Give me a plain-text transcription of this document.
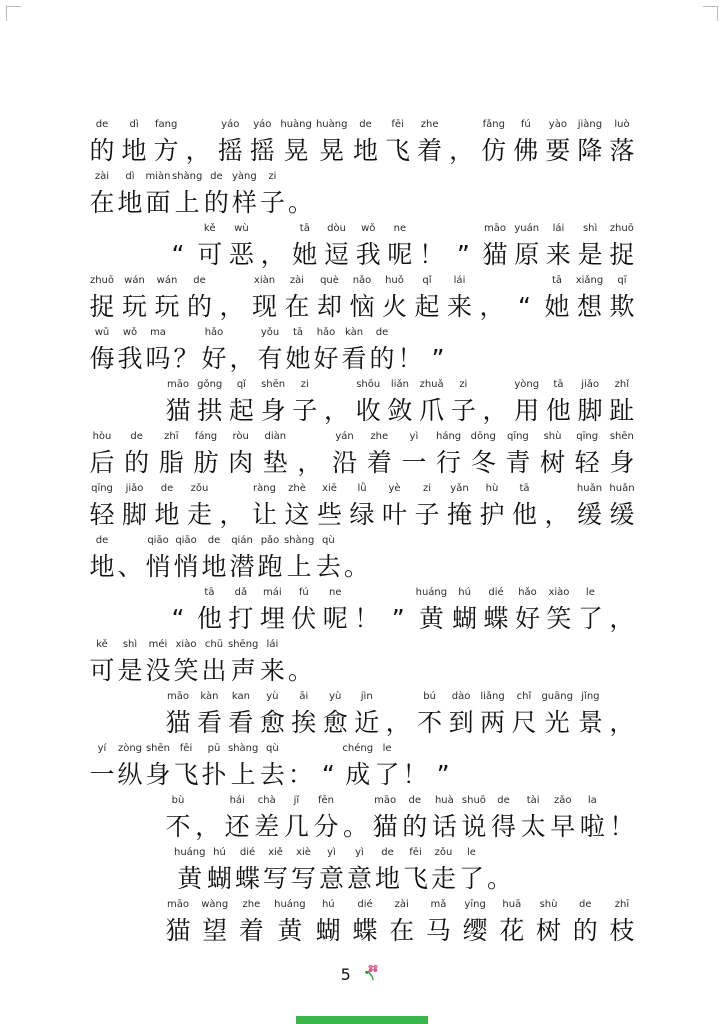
de
的
dì
地
fang
方 ，
yáo
摇
yáo
摇
huàng
晃
huàng
晃
de
地
fēi
飞
zhe
着 ，
fǎng
仿
fú
佛
yào
要
jiàng
降
luò
落
zài
在
dì
地
miàn
面
shàng
上
de
的
yàng
样
zi
子 。
“
kě
可
wù
恶 ，
tā
她
dòu
逗
wǒ
我
ne
呢 ！ ”
māo
猫
yuán
原
lái
来
shì
是
zhuō
捉
zhuō
捉
wán
玩
wán
玩
de
的 ，
xiàn
现
zài
在
què
却
nǎo
恼
huǒ
火
qǐ
起
lái
来 ， “
tā
她
xiǎng
想
qī
欺
wǔ
侮
wǒ
我
ma
吗 ？
hǎo
好 ，
yǒu
有
tā
她
hǎo
好
kàn
看
de
的 ！ ”
māo
猫
gǒng
拱
qǐ
起
shēn
身
zi
子 ，
shōu
收
liǎn
敛
zhuǎ
爪
zi
子 ，
yòng
用
tā
他
jiǎo
脚
zhǐ
趾
hòu
后
de
的
zhī
脂
fáng
肪
ròu
肉
diàn
垫 ，
yán
沿
zhe
着
yì
一
háng
行
dōng
冬
qīng
青
shù
树
qīng
轻
shēn
身
qīng
轻
jiǎo
脚
de
地
zǒu
走 ，
ràng
让
zhè
这
xiē
些
lǜ
绿
yè
叶
zi
子
yǎn
掩
hù
护
tā
他 ，
huǎn
缓
huǎn
缓
de
地 、
qiāo
悄
qiāo
悄
de
地
qián
潜
pǎo
跑
shàng
上
qù
去 。
“
tā
他
dǎ
打
mái
埋
fú
伏
ne
呢 ！ ”
huáng
黄
hú
蝴
dié
蝶
hǎo
好
xiào
笑
le
了 ，
kě
可
shì
是
méi
没
xiào
笑
chū
出
shēng
声
lái
来 。
māo
猫
kàn
看
kan
看
yù
愈
āi
挨
yù
愈
jìn
近 ，
bú
不
dào
到
liǎng
两
chǐ
尺
guāng
光
jǐng
景 ，
yí
一
zòng
纵
shēn
身
fēi
飞
pū
扑
shàng
上
qù
去 ： “
chéng
成
le
了 ！ ”
bù
不 ，
hái
还
chà
差
jǐ
几
fēn
分 。
māo
猫
de
的
huà
话
shuō
说
de
得
tài
太
zǎo
早
la
啦 ！
huáng
黄
hú
蝴
dié
蝶
xiě
写
xiè
写
yì
意
yì
意
de
地
fēi
飞
zǒu
走
le
了 。
māo
猫
wàng
望
zhe
着
huáng
黄
hú
蝴
dié
蝶
zài
在
mǎ
马
yīng
缨
huā
花
shù
树
de
的
zhī
枝
5
